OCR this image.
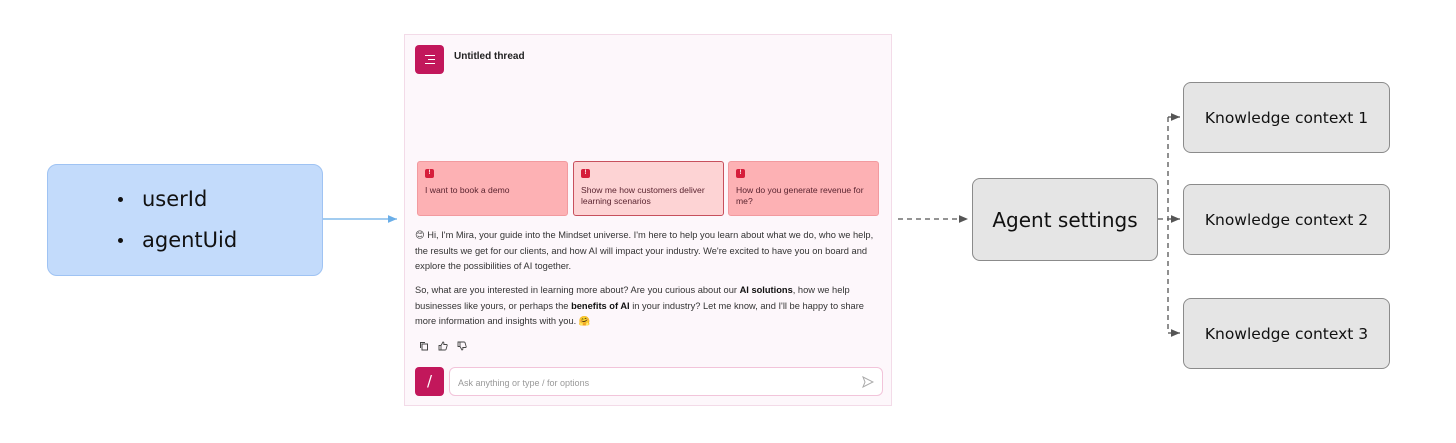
userId
agentUid
Untitled thread
!
I want to book a demo
!
Show me how customers deliver learning scenarios
!
How do you generate revenue for me?
😊 Hi, I'm Mira, your guide into the Mindset universe. I'm here to help you learn about what we do, who we help, the results we get for our clients, and how AI will impact your industry. We're excited to have you on board and explore the possibilities of AI together.
So, what are you interested in learning more about? Are you curious about our AI solutions, how we help businesses like yours, or perhaps the benefits of AI in your industry? Let me know, and I'll be happy to share more information and insights with you. 🤗
/
Ask anything or type / for options
Agent settings
Knowledge context 1
Knowledge context 2
Knowledge context 3
